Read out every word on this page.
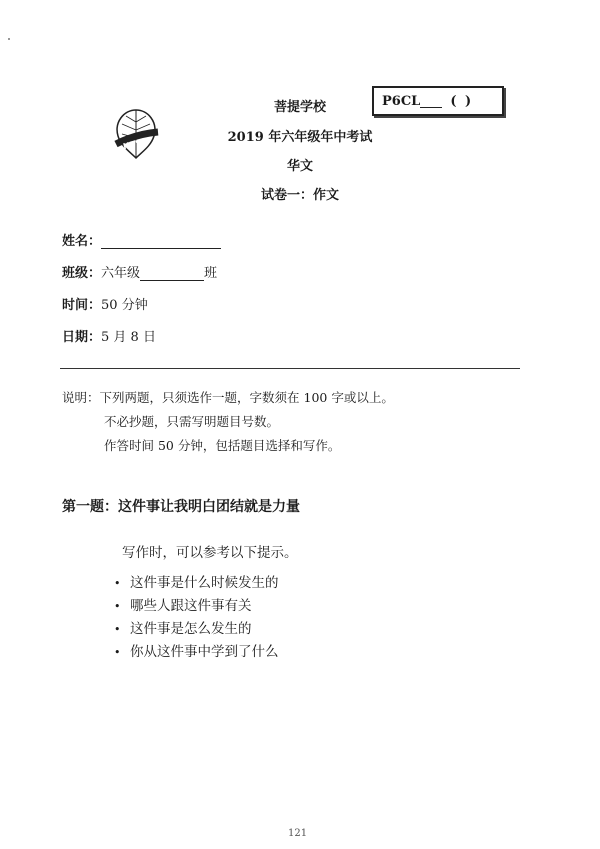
HBS
菩提学校
2019 年六年级年中考试
华文
试卷一：作文
P6CL ( )
姓名：
班级：六年级	班
时间：50 分钟
日期：5 月 8 日
说明：下列两题，只须选作一题，字数须在 100 字或以上。
不必抄题，只需写明题目号数。
作答时间 50 分钟，包括题目选择和写作。
第一题：这件事让我明白团结就是力量
写作时，可以参考以下提示。
• 这件事是什么时候发生的
• 哪些人跟这件事有关
• 这件事是怎么发生的
• 你从这件事中学到了什么
121
